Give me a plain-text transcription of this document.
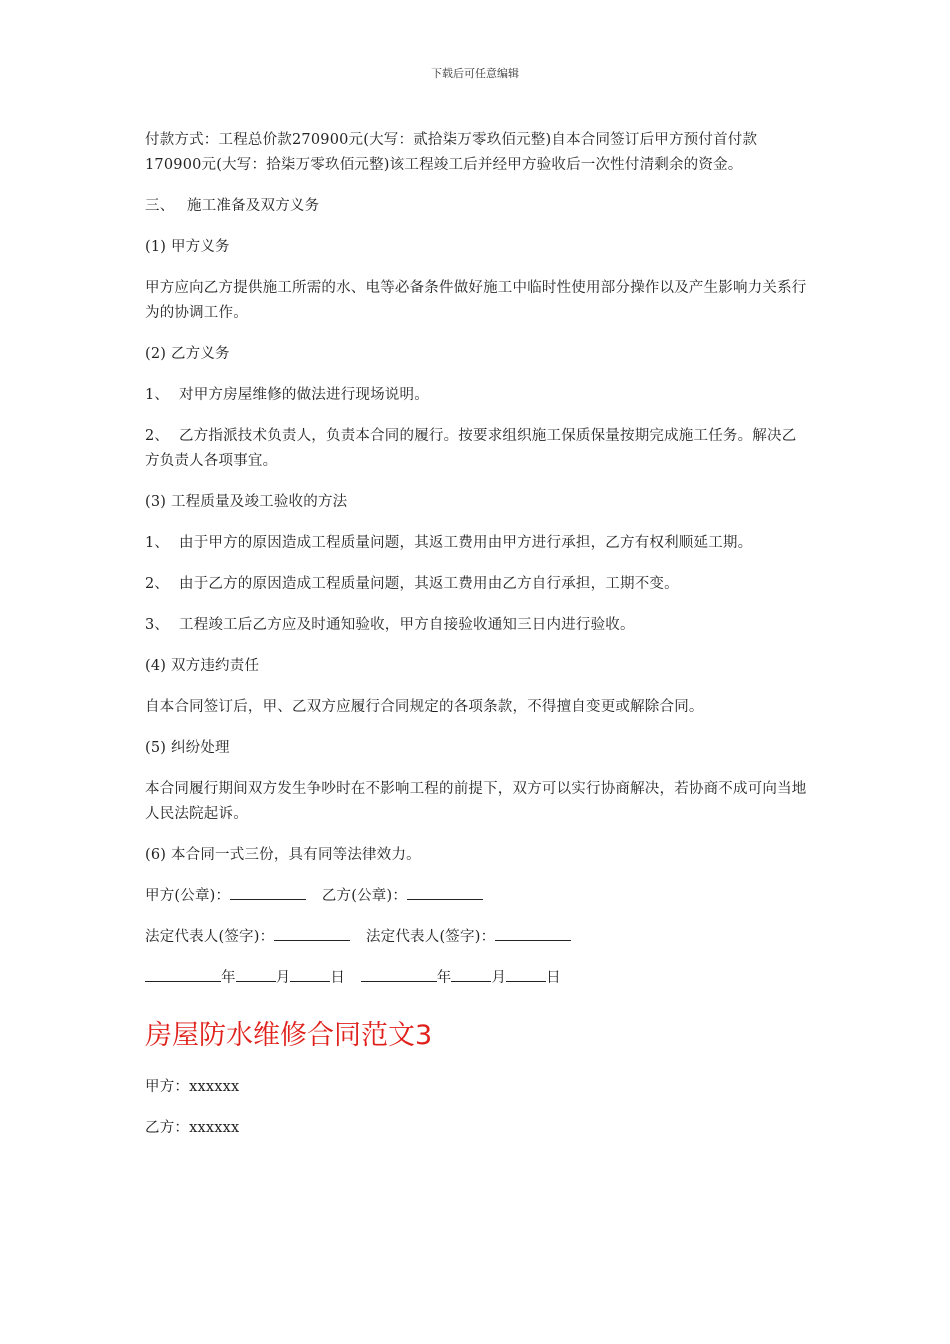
下载后可任意编辑

付款方式：工程总价款270900元(大写：贰拾柒万零玖佰元整)自本合同签订后甲方预付首付款170900元(大写：拾柒万零玖佰元整)该工程竣工后并经甲方验收后一次性付清剩余的资金。

三、 施工准备及双方义务

(1) 甲方义务

甲方应向乙方提供施工所需的水、电等必备条件做好施工中临时性使用部分操作以及产生影响力关系行为的协调工作。

(2) 乙方义务

1、 对甲方房屋维修的做法进行现场说明。

2、 乙方指派技术负责人，负责本合同的履行。按要求组织施工保质保量按期完成施工任务。解决乙方负责人各项事宜。

(3) 工程质量及竣工验收的方法

1、 由于甲方的原因造成工程质量问题，其返工费用由甲方进行承担，乙方有权利顺延工期。

2、 由于乙方的原因造成工程质量问题，其返工费用由乙方自行承担，工期不变。

3、 工程竣工后乙方应及时通知验收，甲方自接验收通知三日内进行验收。

(4) 双方违约责任

自本合同签订后，甲、乙双方应履行合同规定的各项条款，不得擅自变更或解除合同。

(5) 纠纷处理

本合同履行期间双方发生争吵时在不影响工程的前提下，双方可以实行协商解决，若协商不成可向当地人民法院起诉。

(6) 本合同一式三份，具有同等法律效力。

甲方(公章)：	乙方(公章)：

法定代表人(签字)：	法定代表人(签字)：

年	月	日	年	月	日

房屋防水维修合同范文3

甲方：xxxxxx

乙方：xxxxxx
